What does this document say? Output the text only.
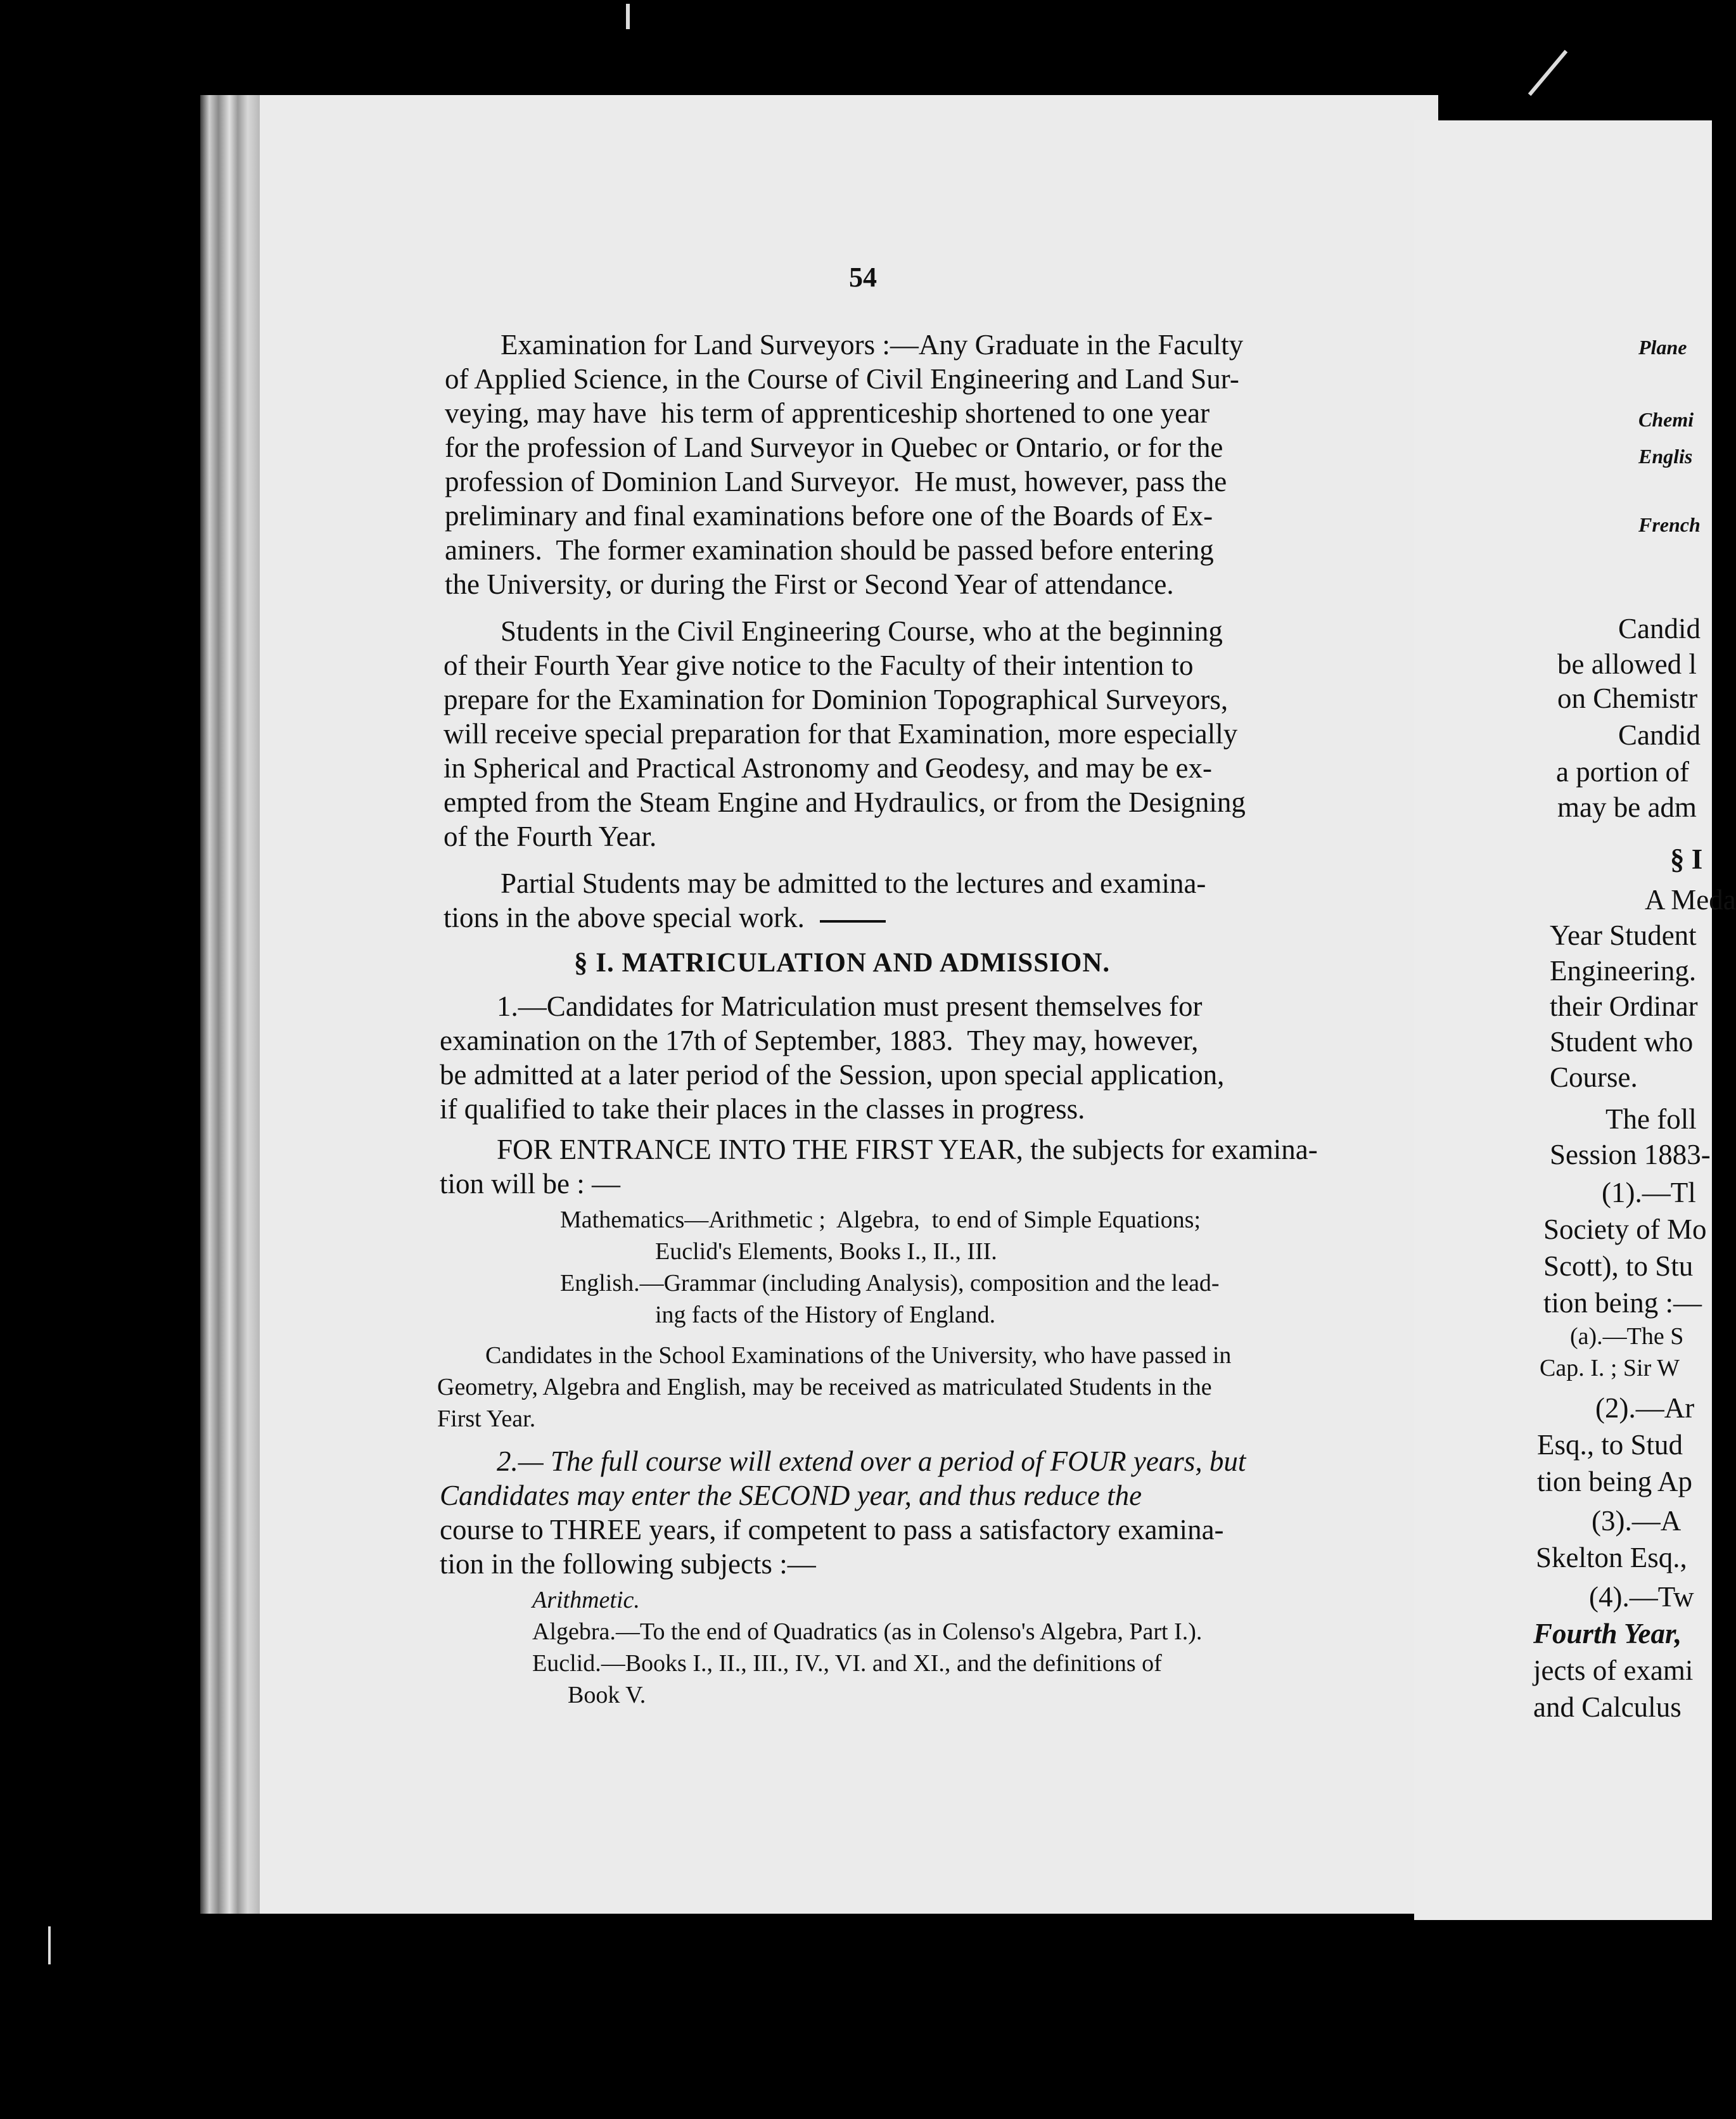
54
Examination for Land Surveyors :—Any Graduate in the Faculty
of Applied Science, in the Course of Civil Engineering and Land Sur-
veying, may have  his term of apprenticeship shortened to one year
for the profession of Land Surveyor in Quebec or Ontario, or for the
profession of Dominion Land Surveyor.  He must, however, pass the
preliminary and final examinations before one of the Boards of Ex-
aminers.  The former examination should be passed before entering
the University, or during the First or Second Year of attendance.
Students in the Civil Engineering Course, who at the beginning
of their Fourth Year give notice to the Faculty of their intention to
prepare for the Examination for Dominion Topographical Surveyors,
will receive special preparation for that Examination, more especially
in Spherical and Practical Astronomy and Geodesy, and may be ex-
empted from the Steam Engine and Hydraulics, or from the Designing
of the Fourth Year.
Partial Students may be admitted to the lectures and examina-
tions in the above special work.
§ I. MATRICULATION AND ADMISSION.
1.—Candidates for Matriculation must present themselves for
examination on the 17th of September, 1883.  They may, however,
be admitted at a later period of the Session, upon special application,
if qualified to take their places in the classes in progress.
FOR ENTRANCE INTO THE FIRST YEAR, the subjects for examina-
tion will be : —
Mathematics—Arithmetic ;  Algebra,  to end of Simple Equations;
Euclid's Elements, Books I., II., III.
English.—Grammar (including Analysis), composition and the lead-
ing facts of the History of England.
Candidates in the School Examinations of the University, who have passed in
Geometry, Algebra and English, may be received as matriculated Students in the
First Year.
2.— The full course will extend over a period of FOUR years, but
Candidates may enter the SECOND year, and thus reduce the
course to THREE years, if competent to pass a satisfactory examina-
tion in the following subjects :—
Arithmetic.
Algebra.—To the end of Quadratics (as in Colenso's Algebra, Part I.).
Euclid.—Books I., II., III., IV., VI. and XI., and the definitions of
Book V.
Plane
Chemi
Englis
French
Candid
be allowed l
on Chemistr
Candid
a portion of
may be adm
§ I
A Meda
Year Student
Engineering.
their Ordinar
Student who
Course.
The foll
Session 1883-
(1).—Tl
Society of Mo
Scott), to Stu
tion being :—
(a).—The S
Cap. I. ; Sir W
(2).—Ar
Esq., to Stud
tion being Ap
(3).—A
Skelton Esq.,
(4).—Tw
Fourth Year,
jects of exami
and Calculus
